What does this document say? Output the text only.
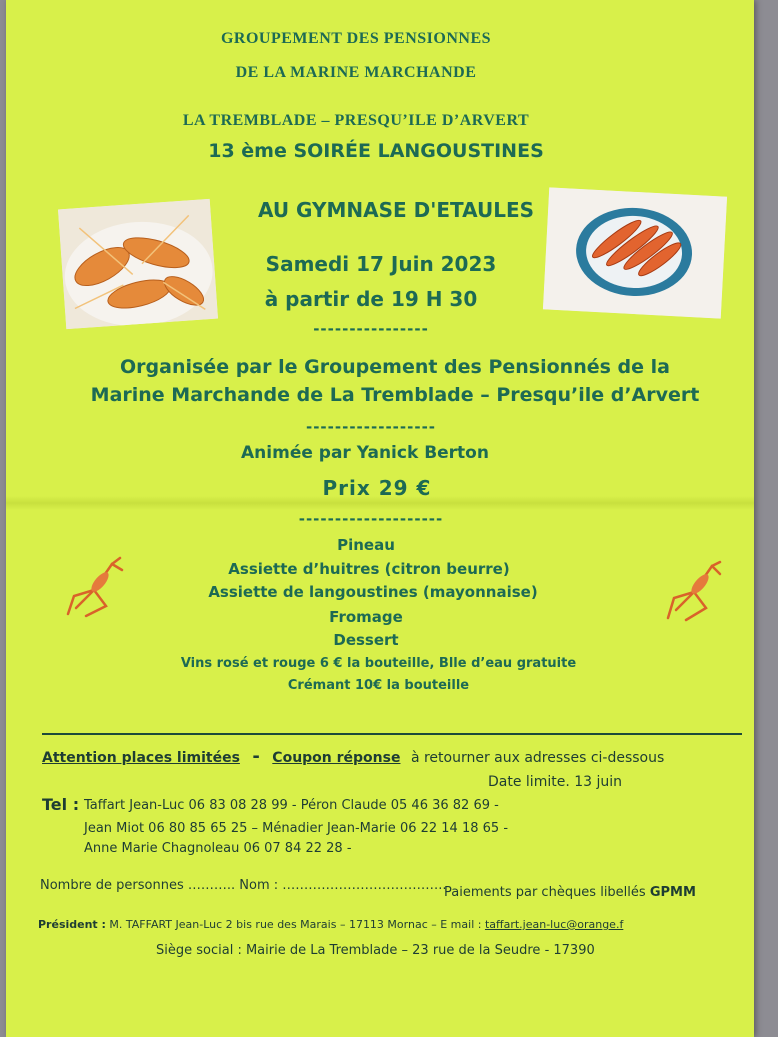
GROUPEMENT DES PENSIONNES
DE LA MARINE MARCHANDE
LA TREMBLADE – PRESQU’ILE D’ARVERT
13 ème SOIRÉE LANGOUSTINES
AU GYMNASE D'ETAULES
Samedi 17 Juin 2023
à partir de 19 H 30
----------------
Organisée par le Groupement des Pensionnés de la
Marine Marchande de La Tremblade – Presqu’ile d’Arvert
------------------
Animée par Yanick Berton
Prix 29 €
--------------------
Pineau
Assiette d’huitres (citron beurre)
Assiette de langoustines (mayonnaise)
Fromage
Dessert
Vins rosé et rouge 6 € la bouteille, Blle d’eau gratuite
Crémant 10€ la bouteille
Attention places limitées - Coupon réponse à retourner aux adresses ci-dessous
Date limite. 13 juin
Tel : Taffart Jean-Luc 06 83 08 28 99 - Péron Claude 05 46 36 82 69 -
Jean Miot 06 80 85 65 25 – Ménadier Jean-Marie 06 22 14 18 65 -
Anne Marie Chagnoleau 06 07 84 22 28 -
Nombre de personnes ……….. Nom : ………………………………..
Paiements par chèques libellés GPMM
Président : M. TAFFART Jean-Luc 2 bis rue des Marais – 17113 Mornac – E mail : taffart.jean-luc@orange.f
Siège social : Mairie de La Tremblade – 23 rue de la Seudre - 17390
